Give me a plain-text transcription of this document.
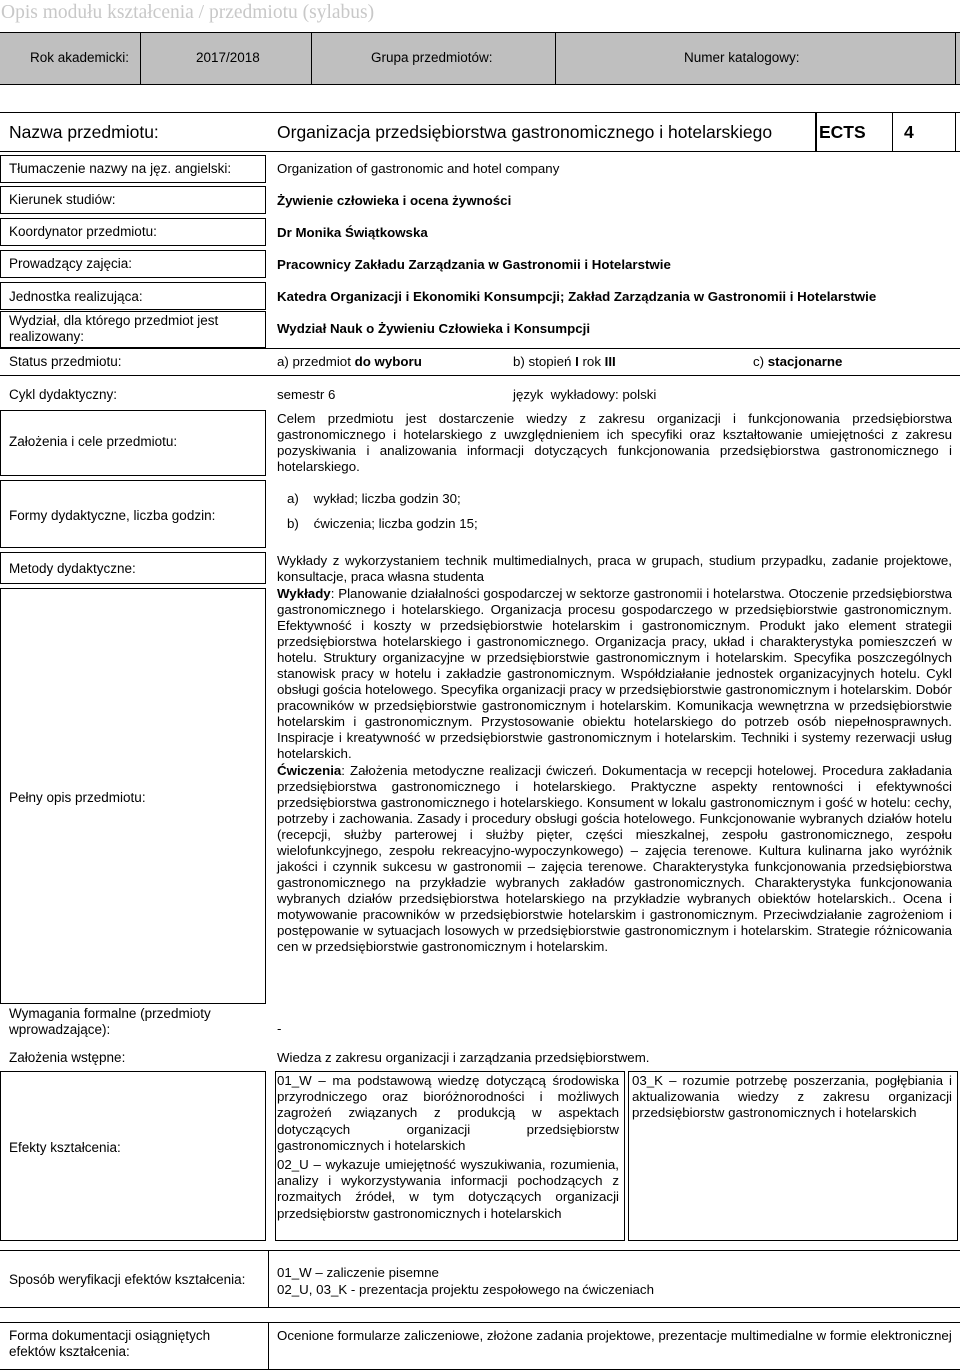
Opis modułu kształcenia / przedmiotu (sylabus)
Rok akademicki:	2017/2018	Grupa przedmiotów:	Numer katalogowy:
Nazwa przedmiotu:	Organizacja przedsiębiorstwa gastronomicznego i hotelarskiego	ECTS 4
Tłumaczenie nazwy na jęz. angielski:	Organization of gastronomic and hotel company
Kierunek studiów:	Żywienie człowieka i ocena żywności
Koordynator przedmiotu:	Dr Monika Świątkowska
Prowadzący zajęcia:	Pracownicy Zakładu Zarządzania w Gastronomii i Hotelarstwie
Jednostka realizująca:	Katedra Organizacji i Ekonomiki Konsumpcji; Zakład Zarządzania w Gastronomii i Hotelarstwie
Wydział, dla którego przedmiot jest realizowany:
Wydział Nauk o Żywieniu Człowieka i Konsumpcji
Status przedmiotu:	a) przedmiot do wyboru	b) stopień I rok III	c) stacjonarne
Cykl dydaktyczny:	semestr 6	język  wykładowy: polski
Założenia i cele przedmiotu:
Celem przedmiotu jest dostarczenie wiedzy z zakresu organizacji i funkcjonowania przedsiębiorstwa gastronomicznego i hotelarskiego z uwzględnieniem ich specyfiki oraz kształtowanie umiejętności z zakresu pozyskiwania i analizowania informacji dotyczących funkcjonowania przedsiębiorstwa gastronomicznego i hotelarskiego.
Formy dydaktyczne, liczba godzin:
a)    wykład; liczba godzin 30;
b)    ćwiczenia; liczba godzin 15;
Metody dydaktyczne:
Wykłady z wykorzystaniem technik multimedialnych, praca w grupach, studium przypadku, zadanie projektowe, konsultacje, praca własna studenta
Pełny opis przedmiotu:
Wykłady: Planowanie działalności gospodarczej w sektorze gastronomii i hotelarstwa. Otoczenie przedsiębiorstwa gastronomicznego i hotelarskiego. Organizacja procesu gospodarczego w przedsiębiorstwie gastronomicznym. Efektywność i koszty w przedsiębiorstwie hotelarskim i gastronomicznym. Produkt jako element strategii przedsiębiorstwa hotelarskiego i gastronomicznego. Organizacja pracy, układ i charakterystyka pomieszczeń w hotelu. Struktury organizacyjne w przedsiębiorstwie gastronomicznym i hotelarskim. Specyfika poszczególnych stanowisk pracy w hotelu i zakładzie gastronomicznym. Współdziałanie jednostek organizacyjnych hotelu. Cykl obsługi gościa hotelowego. Specyfika organizacji pracy w przedsiębiorstwie gastronomicznym i hotelarskim. Dobór pracowników w przedsiębiorstwie gastronomicznym i hotelarskim. Komunikacja wewnętrzna w przedsiębiorstwie hotelarskim i gastronomicznym. Przystosowanie obiektu hotelarskiego do potrzeb osób niepełnosprawnych. Inspiracje i kreatywność w przedsiębiorstwie gastronomicznym i hotelarskim. Techniki i systemy rezerwacji usług hotelarskich.
Ćwiczenia: Założenia metodyczne realizacji ćwiczeń. Dokumentacja w recepcji hotelowej. Procedura zakładania przedsiębiorstwa gastronomicznego i hotelarskiego. Praktyczne aspekty rentowności i efektywności przedsiębiorstwa gastronomicznego i hotelarskiego. Konsument w lokalu gastronomicznym i gość w hotelu: cechy, potrzeby i zachowania. Zasady i procedury obsługi gościa hotelowego. Funkcjonowanie wybranych działów hotelu (recepcji, służby parterowej i służby pięter, części mieszkalnej, zespołu gastronomicznego, zespołu wielofunkcyjnego, zespołu rekreacyjno-wypoczynkowego) – zajęcia terenowe. Kultura kulinarna jako wyróżnik jakości i czynnik sukcesu w gastronomii – zajęcia terenowe. Charakterystyka funkcjonowania przedsiębiorstwa gastronomicznego na przykładzie wybranych zakładów gastronomicznych. Charakterystyka funkcjonowania wybranych działów przedsiębiorstwa hotelarskiego na przykładzie wybranych obiektów hotelarskich.. Ocena i motywowanie pracowników w przedsiębiorstwie hotelarskim i gastronomicznym. Przeciwdziałanie zagrożeniom i postępowanie w sytuacjach losowych w przedsiębiorstwie gastronomicznym i hotelarskim. Strategie różnicowania cen w przedsiębiorstwie gastronomicznym i hotelarskim.
Wymagania formalne (przedmioty wprowadzające):	-
Założenia wstępne:	Wiedza z zakresu organizacji i zarządzania przedsiębiorstwem.
Efekty kształcenia:
01_W – ma podstawową wiedzę dotyczącą środowiska przyrodniczego oraz bioróżnorodności i możliwych zagrożeń związanych z produkcją w aspektach dotyczących organizacji przedsiębiorstw gastronomicznych i hotelarskich
02_U – wykazuje umiejętność wyszukiwania, rozumienia, analizy i wykorzystywania informacji pochodzących z rozmaitych źródeł, w tym dotyczących organizacji przedsiębiorstw gastronomicznych i hotelarskich
03_K – rozumie potrzebę poszerzania, pogłębiania i aktualizowania wiedzy z zakresu organizacji przedsiębiorstw gastronomicznych i hotelarskich
Sposób weryfikacji efektów kształcenia: 01_W – zaliczenie pisemne
02_U, 03_K - prezentacja projektu zespołowego na ćwiczeniach
Forma dokumentacji osiągniętych efektów kształcenia:
Ocenione formularze zaliczeniowe, złożone zadania projektowe, prezentacje multimedialne w formie elektronicznej
